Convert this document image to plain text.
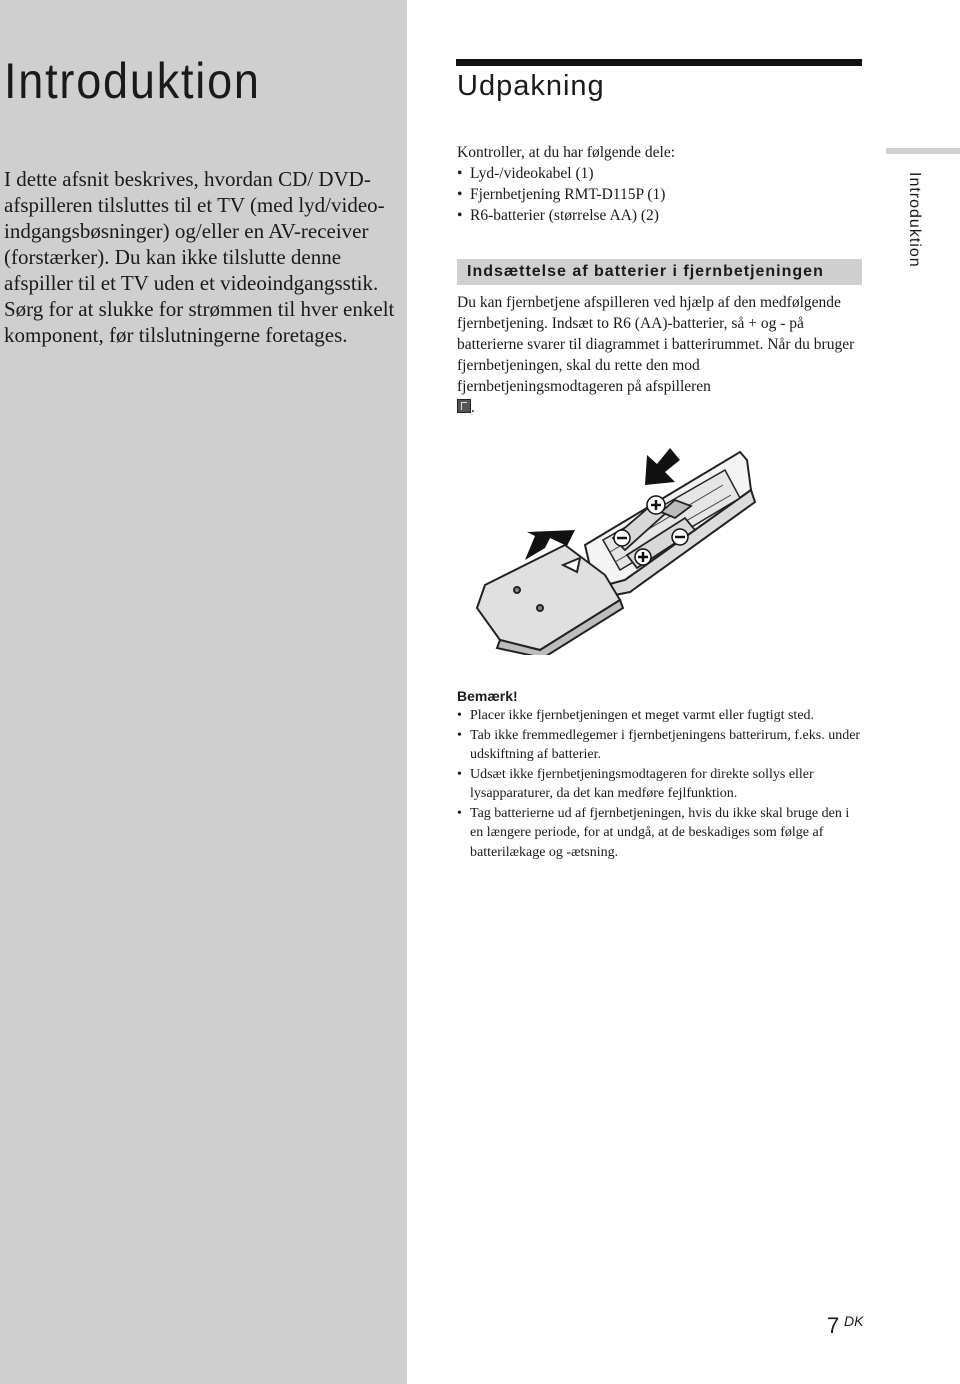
Introduktion

I dette afsnit beskrives, hvordan CD/ DVD-afspilleren tilsluttes til et TV (med lyd/video-indgangsbøsninger) og/eller en AV-receiver (forstærker). Du kan ikke tilslutte denne afspiller til et TV uden et videoindgangsstik. Sørg for at slukke for strømmen til hver enkelt komponent, før tilslutningerne foretages.

Udpakning

Kontroller, at du har følgende dele:

• Lyd-/videokabel (1)
• Fjernbetjening RMT-D115P (1)
• R6-batterier (størrelse AA) (2)
Indsættelse af batterier i fjernbetjeningen

Du kan fjernbetjene afspilleren ved hjælp af den medfølgende fjernbetjening. Indsæt to R6 (AA)-batterier, så + og - på batterierne svarer til diagrammet i batterirummet. Når du bruger fjernbetjeningen, skal du rette den mod fjernbetjeningsmodtageren på afspilleren
.

Introduktion
Bemærk!
• Placer ikke fjernbetjeningen et meget varmt eller fugtigt sted.
• Tab ikke fremmedlegemer i fjernbetjeningens batterirum, f.eks. under udskiftning af batterier.
• Udsæt ikke fjernbetjeningsmodtageren for direkte sollys eller lysapparaturer, da det kan medføre fejlfunktion.
• Tag batterierne ud af fjernbetjeningen, hvis du ikke skal bruge den i en længere periode, for at undgå, at de beskadiges som følge af batterilækage og -ætsning.
7 DK
